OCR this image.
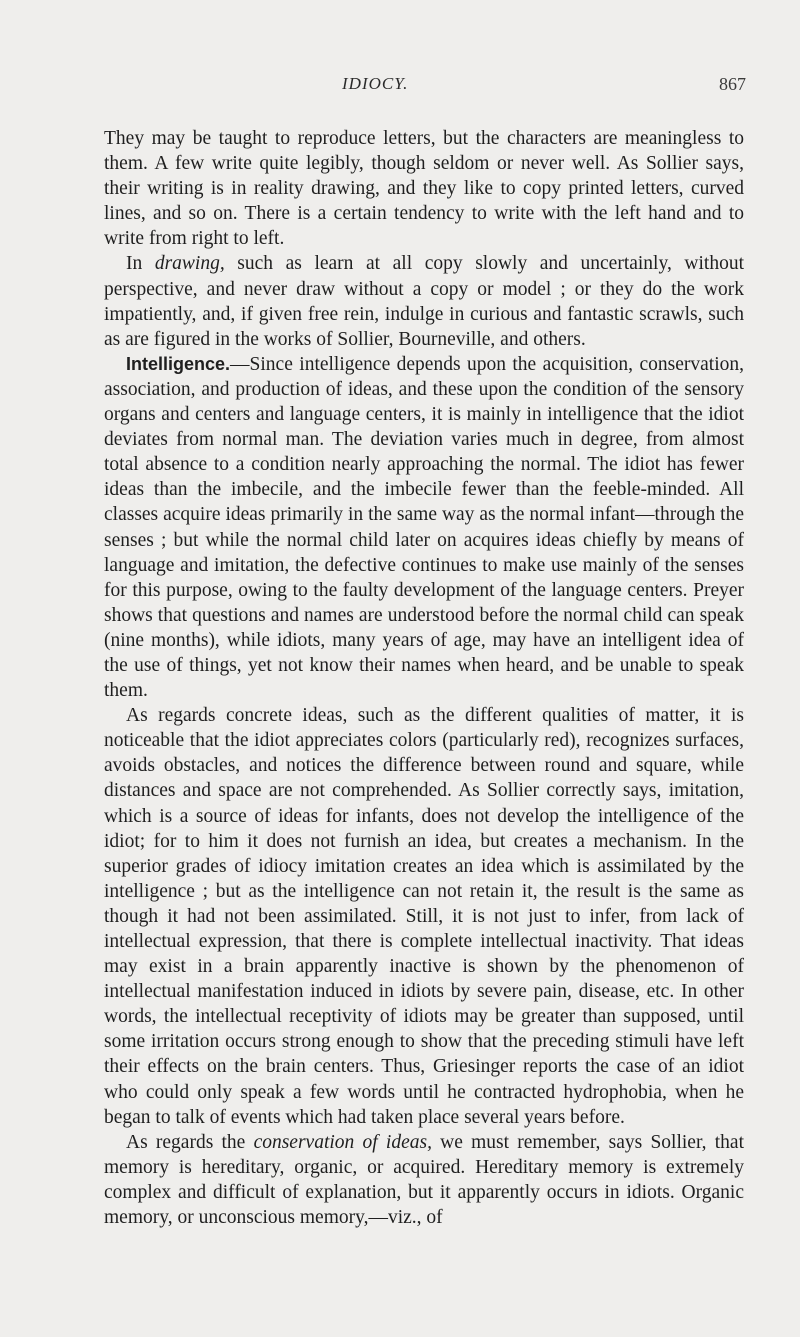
IDIOCY.	867

They may be taught to reproduce letters, but the characters are meaningless to them. A few write quite legibly, though seldom or never well. As Sollier says, their writing is in reality drawing, and they like to copy printed letters, curved lines, and so on. There is a certain tendency to write with the left hand and to write from right to left.

In drawing, such as learn at all copy slowly and uncertainly, without perspective, and never draw without a copy or model ; or they do the work impatiently, and, if given free rein, indulge in curious and fantastic scrawls, such as are figured in the works of Sollier, Bourneville, and others.

Intelligence.—Since intelligence depends upon the acquisition, conservation, association, and production of ideas, and these upon the condition of the sensory organs and centers and language centers, it is mainly in intelligence that the idiot deviates from normal man. The deviation varies much in degree, from almost total absence to a condition nearly approaching the normal. The idiot has fewer ideas than the imbecile, and the imbecile fewer than the feeble-minded. All classes acquire ideas primarily in the same way as the normal infant—through the senses ; but while the normal child later on acquires ideas chiefly by means of language and imitation, the defective continues to make use mainly of the senses for this purpose, owing to the faulty development of the language centers. Preyer shows that questions and names are understood before the normal child can speak (nine months), while idiots, many years of age, may have an intelligent idea of the use of things, yet not know their names when heard, and be unable to speak them.

As regards concrete ideas, such as the different qualities of matter, it is noticeable that the idiot appreciates colors (particularly red), recognizes surfaces, avoids obstacles, and notices the difference between round and square, while distances and space are not comprehended. As Sollier correctly says, imitation, which is a source of ideas for infants, does not develop the intelligence of the idiot; for to him it does not furnish an idea, but creates a mechanism. In the superior grades of idiocy imitation creates an idea which is assimilated by the intelligence ; but as the intelligence can not retain it, the result is the same as though it had not been assimilated. Still, it is not just to infer, from lack of intellectual expression, that there is complete intellectual inactivity. That ideas may exist in a brain apparently inactive is shown by the phenomenon of intellectual manifestation induced in idiots by severe pain, disease, etc. In other words, the intellectual receptivity of idiots may be greater than supposed, until some irritation occurs strong enough to show that the preceding stimuli have left their effects on the brain centers. Thus, Griesinger reports the case of an idiot who could only speak a few words until he contracted hydrophobia, when he began to talk of events which had taken place several years before.

As regards the conservation of ideas, we must remember, says Sollier, that memory is hereditary, organic, or acquired. Hereditary memory is extremely complex and difficult of explanation, but it apparently occurs in idiots. Organic memory, or unconscious memory,—viz., of
